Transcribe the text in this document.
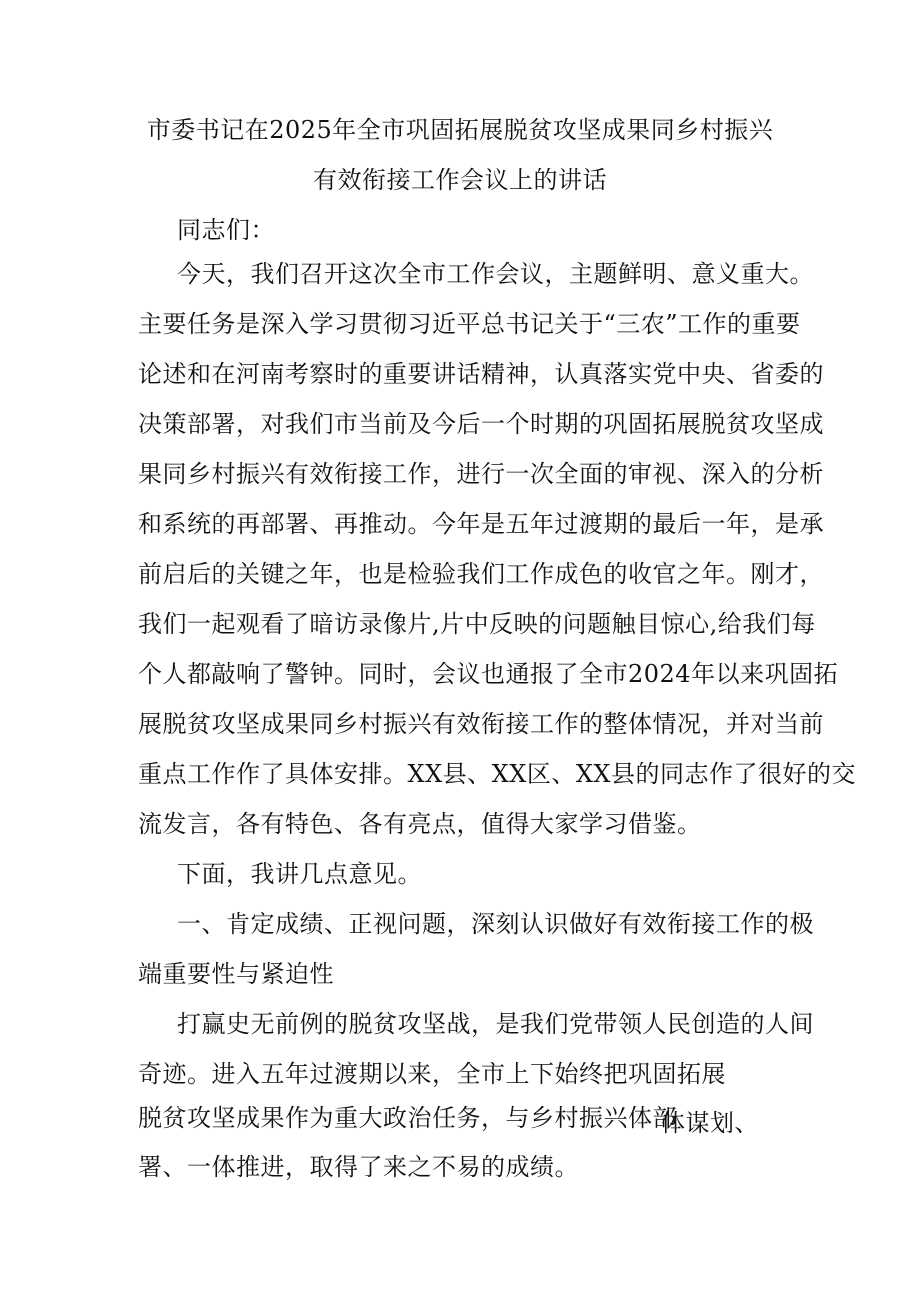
市委书记在2025年全市巩固拓展脱贫攻坚成果同乡村振兴
有效衔接工作会议上的讲话
同志们：
今天，我们召开这次全市工作会议，主题鲜明、意义重大。
主要任务是深入学习贯彻习近平总书记关于“三农”工作的重要
论述和在河南考察时的重要讲话精神，认真落实党中央、省委的
决策部署，对我们市当前及今后一个时期的巩固拓展脱贫攻坚成
果同乡村振兴有效衔接工作，进行一次全面的审视、深入的分析
和系统的再部署、再推动。今年是五年过渡期的最后一年，是承
前启后的关键之年，也是检验我们工作成色的收官之年。刚才，
我们一起观看了暗访录像片,片中反映的问题触目惊心,给我们每
个人都敲响了警钟。同时，会议也通报了全市2024年以来巩固拓
展脱贫攻坚成果同乡村振兴有效衔接工作的整体情况，并对当前
重点工作作了具体安排。XX县、XX区、XX县的同志作了很好的交
流发言，各有特色、各有亮点，值得大家学习借鉴。
下面，我讲几点意见。
一、肯定成绩、正视问题，深刻认识做好有效衔接工作的极
端重要性与紧迫性
打赢史无前例的脱贫攻坚战，是我们党带领人民创造的人间
奇迹。进入五年过渡期以来，全市上下始终把巩固拓展
脱贫攻坚成果作为重大政治任务，与乡村振兴体部
体谋划、
署、一体推进，取得了来之不易的成绩。
